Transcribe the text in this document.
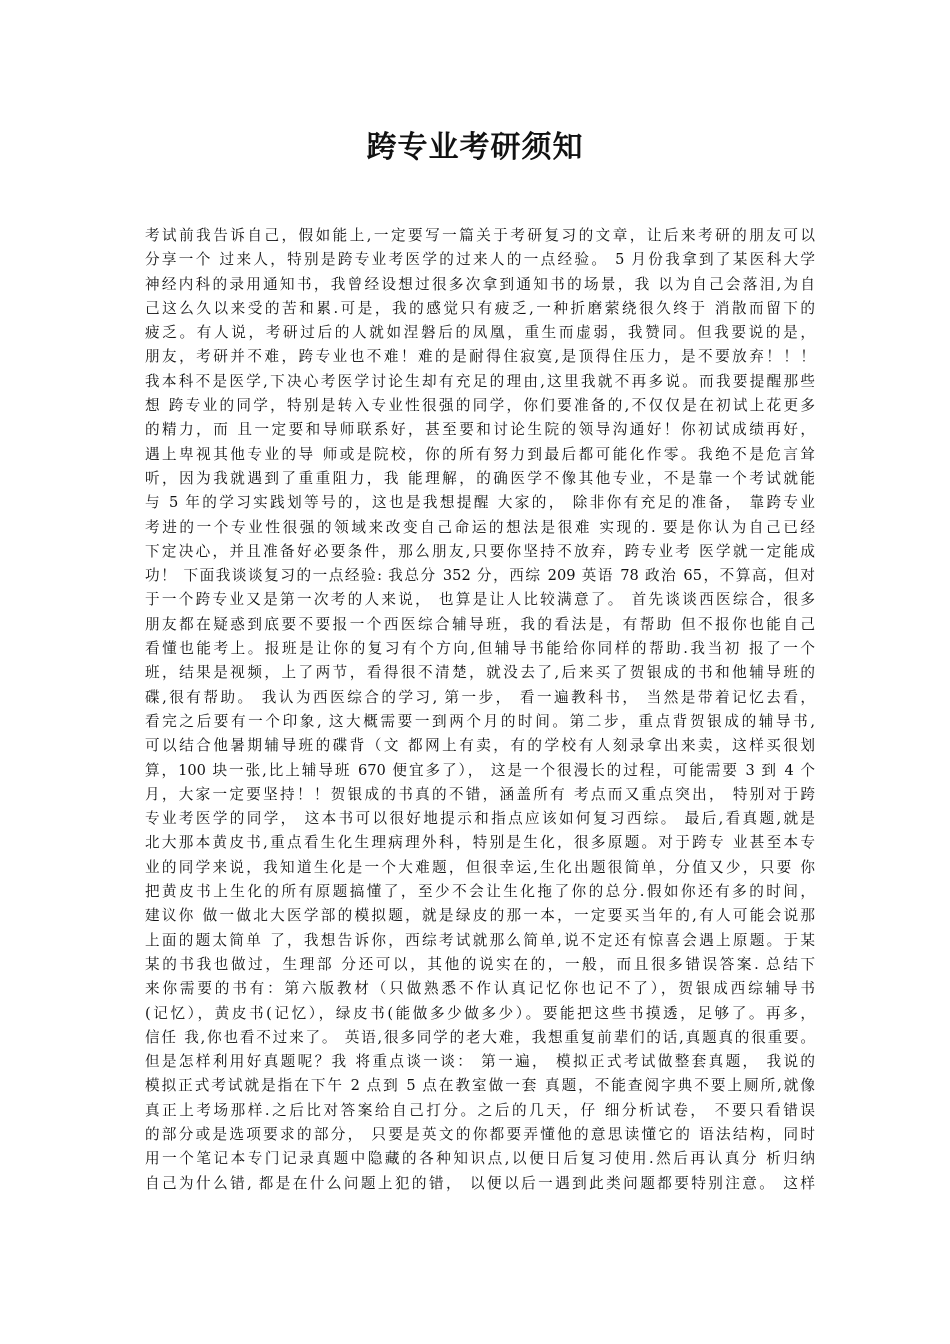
跨专业考研须知
考试前我告诉自己，假如能上,一定要写一篇关于考研复习的文章，让后来考研的朋友可以
分享一个 过来人，特别是跨专业考医学的过来人的一点经验。 5 月份我拿到了某医科大学
神经内科的录用通知书，我曾经设想过很多次拿到通知书的场景，我 以为自己会落泪,为自
己这么久以来受的苦和累.可是，我的感觉只有疲乏,一种折磨萦绕很久终于 消散而留下的
疲乏。有人说，考研过后的人就如涅磐后的凤凰，重生而虚弱，我赞同。但我要说的是，
朋友，考研并不难，跨专业也不难！难的是耐得住寂寞,是顶得住压力，是不要放弃！！！
我本科不是医学,下决心考医学讨论生却有充足的理由,这里我就不再多说。而我要提醒那些
想 跨专业的同学，特别是转入专业性很强的同学，你们要准备的,不仅仅是在初试上花更多
的精力，而 且一定要和导师联系好，甚至要和讨论生院的领导沟通好！你初试成绩再好，
遇上卑视其他专业的导 师或是院校，你的所有努力到最后都可能化作零。我绝不是危言耸
听，因为我就遇到了重重阻力，我 能理解，的确医学不像其他专业，不是靠一个考试就能
与 5 年的学习实践划等号的，这也是我想提醒 大家的， 除非你有充足的准备， 靠跨专业
考进的一个专业性很强的领域来改变自己命运的想法是很难 实现的. 要是你认为自己已经
下定决心，并且准备好必要条件，那么朋友,只要你坚持不放弃，跨专业考 医学就一定能成
功！ 下面我谈谈复习的一点经验: 我总分 352 分，西综 209 英语 78 政治 65，不算高，但对
于一个跨专业又是第一次考的人来说， 也算是让人比较满意了。 首先谈谈西医综合，很多
朋友都在疑惑到底要不要报一个西医综合辅导班，我的看法是，有帮助 但不报你也能自己
看懂也能考上。报班是让你的复习有个方向,但辅导书能给你同样的帮助.我当初 报了一个
班，结果是视频，上了两节，看得很不清楚，就没去了,后来买了贺银成的书和他辅导班的
碟,很有帮助。 我认为西医综合的学习, 第一步， 看一遍教科书， 当然是带着记忆去看，
看完之后要有一个印象, 这大概需要一到两个月的时间。第二步，重点背贺银成的辅导书,
可以结合他暑期辅导班的碟背（文 都网上有卖，有的学校有人刻录拿出来卖，这样买很划
算，100 块一张,比上辅导班 670 便宜多了）， 这是一个很漫长的过程，可能需要 3 到 4 个
月，大家一定要坚持！！贺银成的书真的不错，涵盖所有 考点而又重点突出， 特别对于跨
专业考医学的同学， 这本书可以很好地提示和指点应该如何复习西综。 最后,看真题,就是
北大那本黄皮书,重点看生化生理病理外科，特别是生化，很多原题。对于跨专 业甚至本专
业的同学来说，我知道生化是一个大难题，但很幸运,生化出题很简单，分值又少，只要 你
把黄皮书上生化的所有原题搞懂了，至少不会让生化拖了你的总分.假如你还有多的时间，
建议你 做一做北大医学部的模拟题，就是绿皮的那一本，一定要买当年的,有人可能会说那
上面的题太简单 了，我想告诉你，西综考试就那么简单,说不定还有惊喜会遇上原题。于某
某的书我也做过，生理部 分还可以，其他的说实在的，一般，而且很多错误答案. 总结下
来你需要的书有：第六版教材（只做熟悉不作认真记忆你也记不了），贺银成西综辅导书
(记忆），黄皮书(记忆），绿皮书(能做多少做多少）。要能把这些书摸透，足够了。再多，
信任 我,你也看不过来了。 英语,很多同学的老大难，我想重复前辈们的话,真题真的很重要。
但是怎样利用好真题呢？我 将重点谈一谈： 第一遍， 模拟正式考试做整套真题， 我说的
模拟正式考试就是指在下午 2 点到 5 点在教室做一套 真题，不能查阅字典不要上厕所,就像
真正上考场那样.之后比对答案给自己打分。之后的几天，仔 细分析试卷， 不要只看错误
的部分或是选项要求的部分， 只要是英文的你都要弄懂他的意思读懂它的 语法结构，同时
用一个笔记本专门记录真题中隐藏的各种知识点,以便日后复习使用.然后再认真分 析归纳
自己为什么错, 都是在什么问题上犯的错， 以便以后一遇到此类问题都要特别注意。 这样
